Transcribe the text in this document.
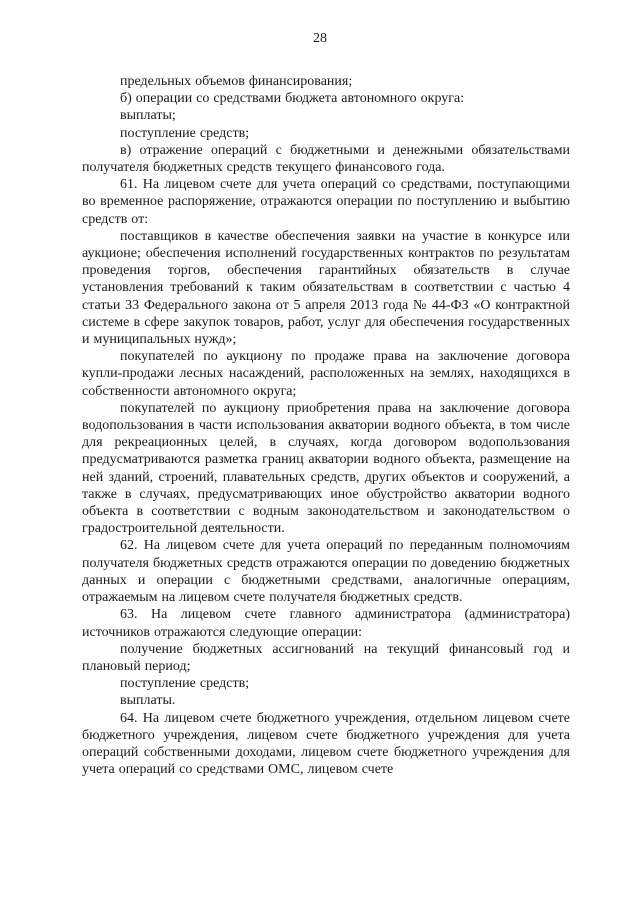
28

предельных объемов финансирования;

б) операции со средствами бюджета автономного округа:

выплаты;

поступление средств;

в) отражение операций с бюджетными и денежными обязательствами получателя бюджетных средств текущего финансового года.

61. На лицевом счете для учета операций со средствами, поступающими во временное распоряжение, отражаются операции по поступлению и выбытию средств от:

поставщиков в качестве обеспечения заявки на участие в конкурсе или аукционе; обеспечения исполнений государственных контрактов по результатам проведения торгов, обеспечения гарантийных обязательств в случае установления требований к таким обязательствам в соответствии с частью 4 статьи 33 Федерального закона от 5 апреля 2013 года № 44-ФЗ «О контрактной системе в сфере закупок товаров, работ, услуг для обеспечения государственных и муниципальных нужд»;

покупателей по аукциону по продаже права на заключение договора купли-продажи лесных насаждений, расположенных на землях, находящихся в собственности автономного округа;

покупателей по аукциону приобретения права на заключение договора водопользования в части использования акватории водного объекта, в том числе для рекреационных целей, в случаях, когда договором водопользования предусматриваются разметка границ акватории водного объекта, размещение на ней зданий, строений, плавательных средств, других объектов и сооружений, а также в случаях, предусматривающих иное обустройство акватории водного объекта в соответствии с водным законодательством и законодательством о градостроительной деятельности.

62. На лицевом счете для учета операций по переданным полномочиям получателя бюджетных средств отражаются операции по доведению бюджетных данных и операции с бюджетными средствами, аналогичные операциям, отражаемым на лицевом счете получателя бюджетных средств.

63. На лицевом счете главного администратора (администратора) источников отражаются следующие операции:

получение бюджетных ассигнований на текущий финансовый год и плановый период;

поступление средств;

выплаты.

64. На лицевом счете бюджетного учреждения, отдельном лицевом счете бюджетного учреждения, лицевом счете бюджетного учреждения для учета операций собственными доходами, лицевом счете бюджетного учреждения для учета операций со средствами ОМС, лицевом счете
